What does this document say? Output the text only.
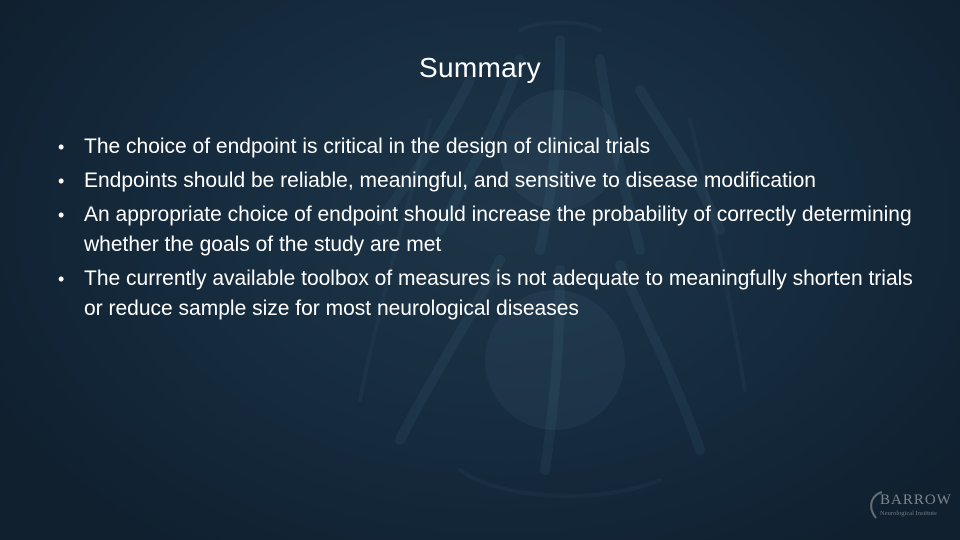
Summary
• The choice of endpoint is critical in the design of clinical trials
• Endpoints should be reliable, meaningful, and sensitive to disease modification
• An appropriate choice of endpoint should increase the probability of correctly determining whether the goals of the study are met
• The currently available toolbox of measures is not adequate to meaningfully shorten trials or reduce sample size for most neurological diseases
BARROW
Neurological Institute
